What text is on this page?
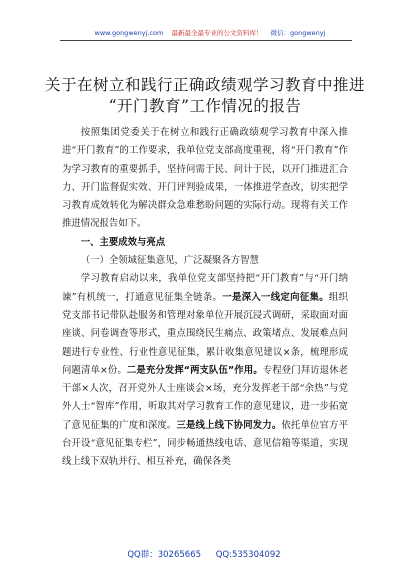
www.gongwenyj.com 最新最全最专业的公文资料库！ 微信：gongwenyj
关于在树立和践行正确政绩观学习教育中推进
“开门教育”工作情况的报告

按照集团党委关于在树立和践行正确政绩观学习教育中深入推进“开门教育”的工作要求，我单位党支部高度重视，将“开门教育”作为学习教育的重要抓手，坚持问需于民、问计于民，以开门推进汇合力、开门监督促实效、开门评判验成果，一体推进学查改，切实把学习教育成效转化为解决群众急难愁盼问题的实际行动。现将有关工作推进情况报告如下。

一、主要成效与亮点

（一）全领域征集意见，广泛凝聚各方智慧

学习教育启动以来，我单位党支部坚持把“开门教育”与“开门纳谏”有机统一，打通意见征集全链条。一是深入一线定向征集。组织党支部书记带队赴服务和管理对象单位开展沉浸式调研，采取面对面座谈、问卷调查等形式，重点围绕民生痛点、政策堵点、发展难点问题进行专业性、行业性意见征集，累计收集意见建议×条，梳理形成问题清单×份。二是充分发挥“两支队伍”作用。专程登门拜访退休老干部×人次，召开党外人士座谈会×场，充分发挥老干部“余热”与党外人士“智库”作用，听取其对学习教育工作的意见建议，进一步拓宽了意见征集的广度和深度。三是线上线下协同发力。依托单位官方平台开设“意见征集专栏”，同步畅通热线电话、意见信箱等渠道，实现线上线下双轨并行、相互补充，确保各类

QQ群：30265665 QQ:535304092
